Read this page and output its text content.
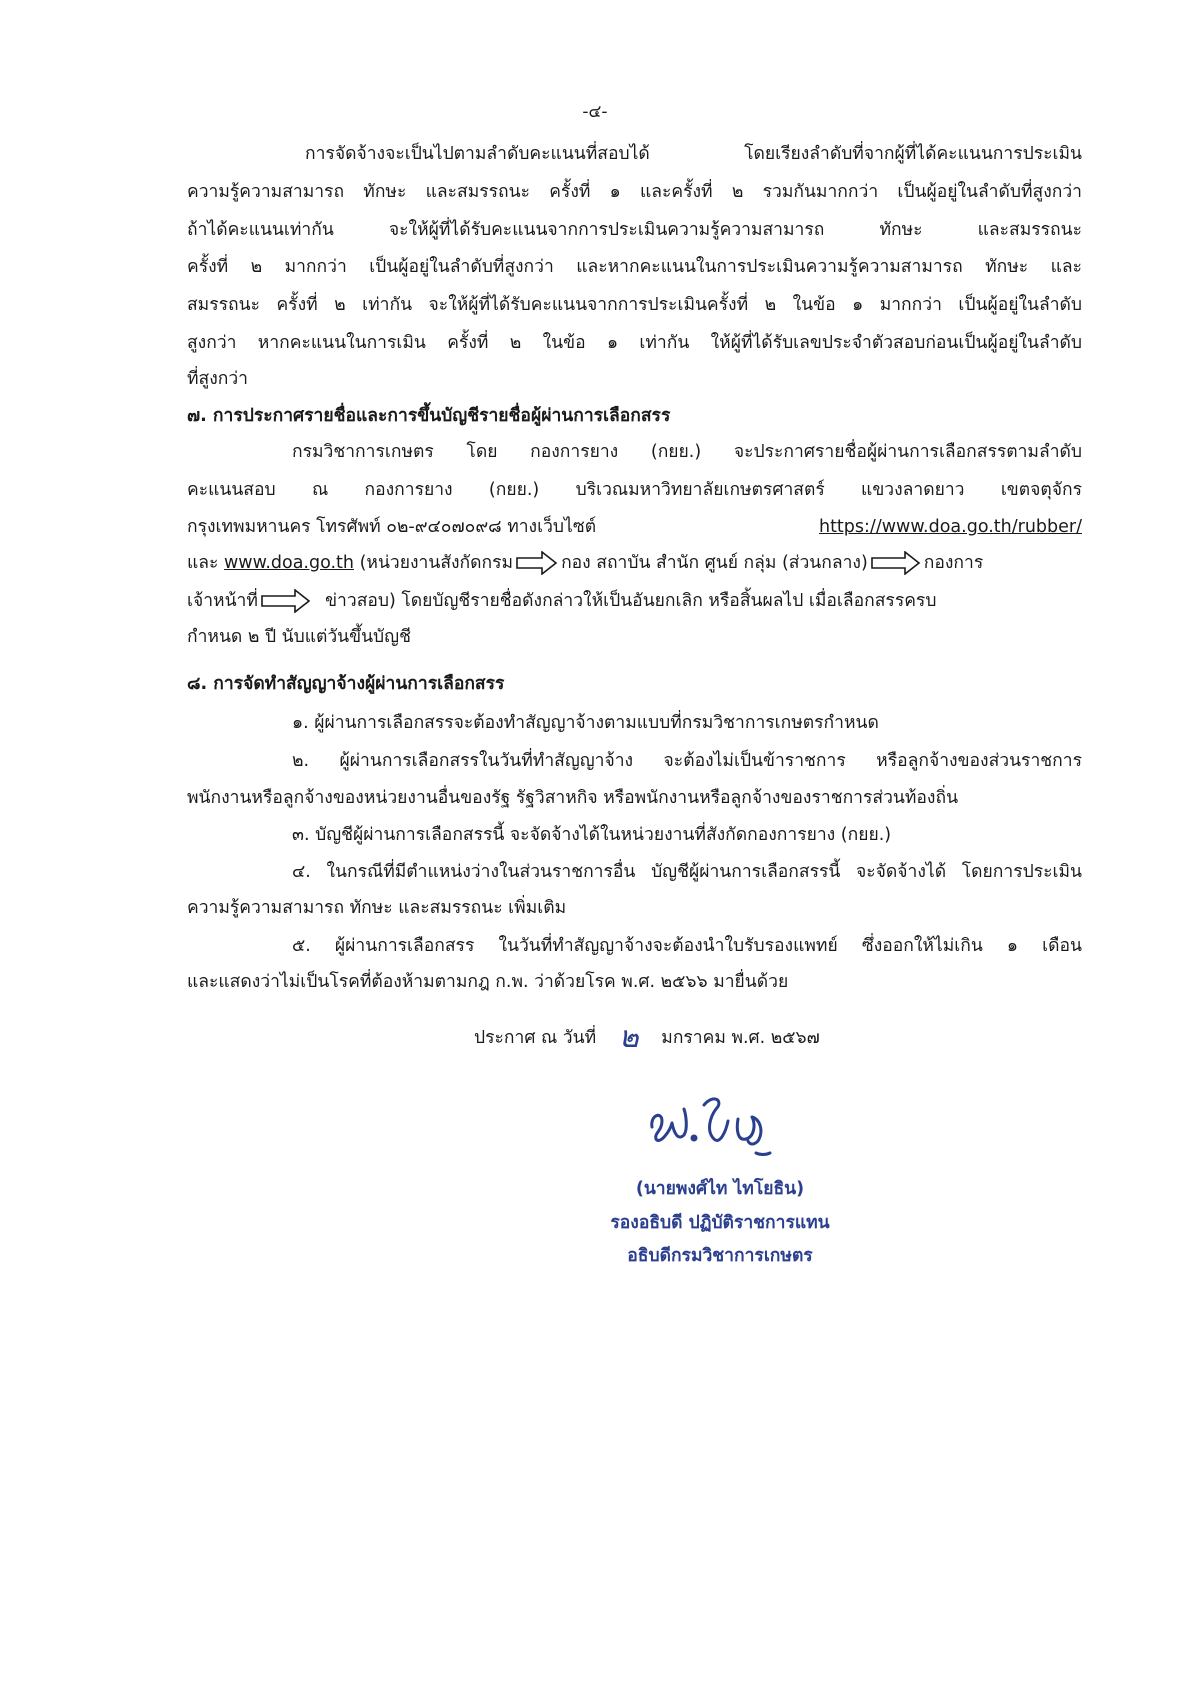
-๔-

การจัดจ้างจะเป็นไปตามลำดับคะแนนที่สอบได้ โดยเรียงลำดับที่จากผู้ที่ได้คะแนนการประเมิน

ความรู้ความสามารถ ทักษะ และสมรรถนะ ครั้งที่ ๑ และครั้งที่ ๒ รวมกันมากกว่า เป็นผู้อยู่ในลำดับที่สูงกว่า

ถ้าได้คะแนนเท่ากัน จะให้ผู้ที่ได้รับคะแนนจากการประเมินความรู้ความสามารถ ทักษะ และสมรรถนะ

ครั้งที่ ๒ มากกว่า เป็นผู้อยู่ในลำดับที่สูงกว่า และหากคะแนนในการประเมินความรู้ความสามารถ ทักษะ และ

สมรรถนะ ครั้งที่ ๒ เท่ากัน จะให้ผู้ที่ได้รับคะแนนจากการประเมินครั้งที่ ๒ ในข้อ ๑ มากกว่า เป็นผู้อยู่ในลำดับ

สูงกว่า หากคะแนนในการเมิน ครั้งที่ ๒ ในข้อ ๑ เท่ากัน ให้ผู้ที่ได้รับเลขประจำตัวสอบก่อนเป็นผู้อยู่ในลำดับ

ที่สูงกว่า

๗. การประกาศรายชื่อและการขึ้นบัญชีรายชื่อผู้ผ่านการเลือกสรร

กรมวิชาการเกษตร โดย กองการยาง (กยย.) จะประกาศรายชื่อผู้ผ่านการเลือกสรรตามลำดับ

คะแนนสอบ ณ กองการยาง (กยย.) บริเวณมหาวิทยาลัยเกษตรศาสตร์ แขวงลาดยาว เขตจตุจักร

กรุงเทพมหานคร โทรศัพท์ ๐๒-๙๔๐๗๐๙๘ ทางเว็บไซต์	https://www.doa.go.th/rubber/
และ www.doa.go.th (หน่วยงานสังกัดกรม	กอง สถาบัน สำนัก ศูนย์ กลุ่ม (ส่วนกลาง)	กองการ
เจ้าหน้าที่	ข่าวสอบ) โดยบัญชีรายชื่อดังกล่าวให้เป็นอันยกเลิก หรือสิ้นผลไป เมื่อเลือกสรรครบ

กำหนด ๒ ปี นับแต่วันขึ้นบัญชี

๘. การจัดทำสัญญาจ้างผู้ผ่านการเลือกสรร

๑. ผู้ผ่านการเลือกสรรจะต้องทำสัญญาจ้างตามแบบที่กรมวิชาการเกษตรกำหนด

๒. ผู้ผ่านการเลือกสรรในวันที่ทำสัญญาจ้าง จะต้องไม่เป็นข้าราชการ หรือลูกจ้างของส่วนราชการ

พนักงานหรือลูกจ้างของหน่วยงานอื่นของรัฐ รัฐวิสาหกิจ หรือพนักงานหรือลูกจ้างของราชการส่วนท้องถิ่น

๓. บัญชีผู้ผ่านการเลือกสรรนี้ จะจัดจ้างได้ในหน่วยงานที่สังกัดกองการยาง (กยย.)

๔. ในกรณีที่มีตำแหน่งว่างในส่วนราชการอื่น บัญชีผู้ผ่านการเลือกสรรนี้ จะจัดจ้างได้ โดยการประเมิน

ความรู้ความสามารถ ทักษะ และสมรรถนะ เพิ่มเติม

๕. ผู้ผ่านการเลือกสรร ในวันที่ทำสัญญาจ้างจะต้องนำใบรับรองแพทย์ ซึ่งออกให้ไม่เกิน ๑ เดือน

และแสดงว่าไม่เป็นโรคที่ต้องห้ามตามกฎ ก.พ. ว่าด้วยโรค พ.ศ. ๒๕๖๖ มายื่นด้วย

ประกาศ ณ วันที่ ๒ มกราคม พ.ศ. ๒๕๖๗
(นายพงศ์ไท ไทโยธิน)
รองอธิบดี ปฏิบัติราชการแทน
อธิบดีกรมวิชาการเกษตร
